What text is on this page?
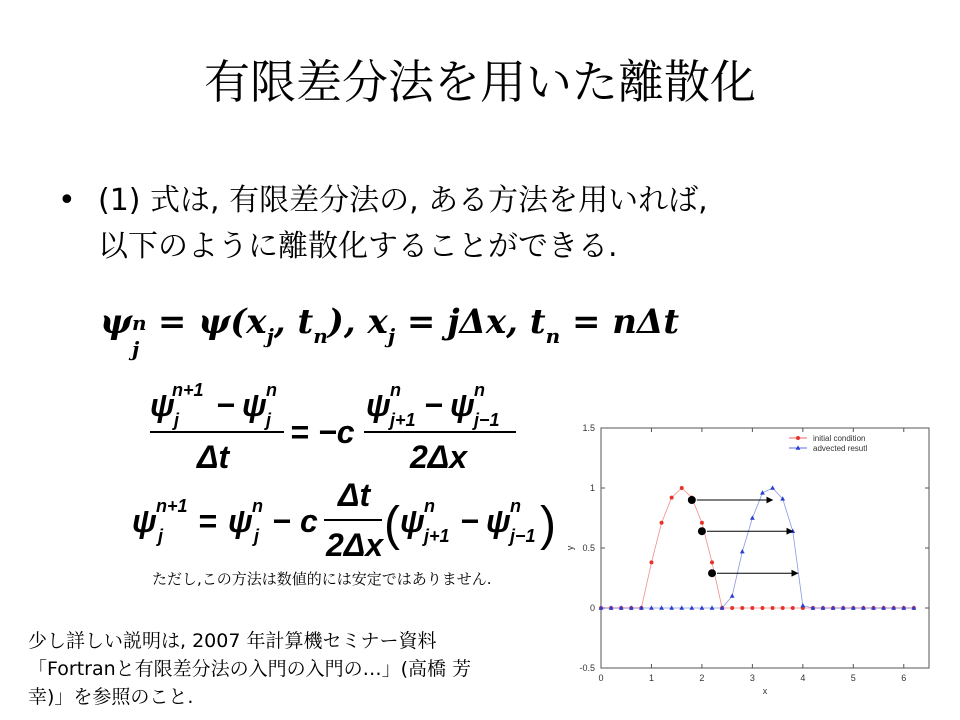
有限差分法を用いた離散化
• (1) 式は, 有限差分法の, ある方法を用いれば,
以下のように離散化することができる.
ψ n
j
= $\psi(x_j$, $t_n$), $x_j = j\Delta x$, $t_n = n\Delta t$
ψ
n+1
j − ψ n
j
Δt
= −c
ψ n
j+1 − ψ n
j−1
2Δx
ψ n+1
j = ψ n
j − c
Δt
2Δx ( ψ n
j+1 − ψ n
j−1 )
ただし,この方法は数値的には安定ではありません.
少し詳しい説明は, 2007 年計算機セミナー資料
「Fortranと有限差分法の入門の入門の…」(高橋 芳
幸)」を参照のこと.
1.5
1
0.5
0
-0.5
0	1	2	3	4	5	6
x
y
initial condition
advected resutl
